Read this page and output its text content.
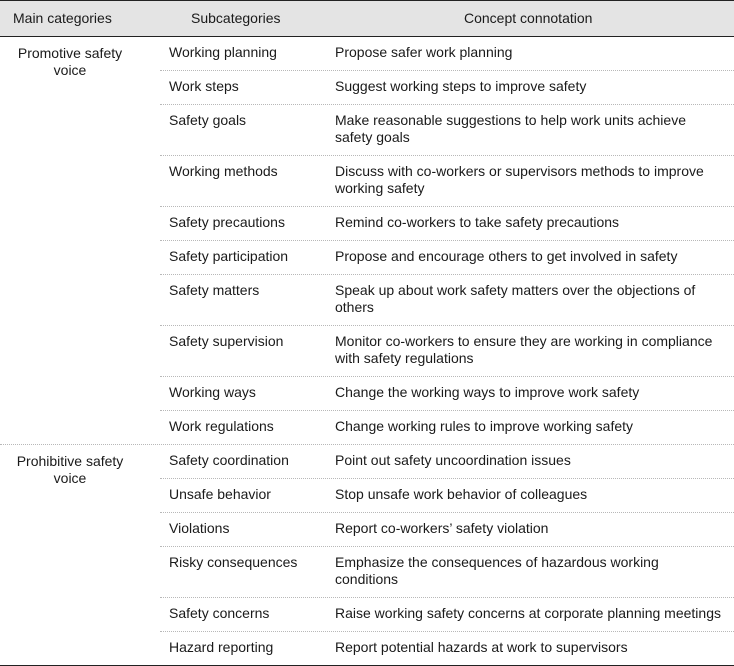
Main categories	Subcategories	Concept connotation
Promotive safety voice
Working planning	Propose safer work planning
Work steps	Suggest working steps to improve safety
Safety goals	Make reasonable suggestions to help work units achieve safety goals
Working methods	Discuss with co-workers or supervisors methods to improve working safety
Safety precautions	Remind co-workers to take safety precautions
Safety participation	Propose and encourage others to get involved in safety
Safety matters	Speak up about work safety matters over the objections of others
Safety supervision	Monitor co-workers to ensure they are working in compliance with safety regulations
Working ways	Change the working ways to improve work safety
Work regulations	Change working rules to improve working safety
Prohibitive safety voice
Safety coordination	Point out safety uncoordination issues
Unsafe behavior	Stop unsafe work behavior of colleagues
Violations	Report co-workers’ safety violation
Risky consequences	Emphasize the consequences of hazardous working conditions
Safety concerns	Raise working safety concerns at corporate planning meetings
Hazard reporting	Report potential hazards at work to supervisors
